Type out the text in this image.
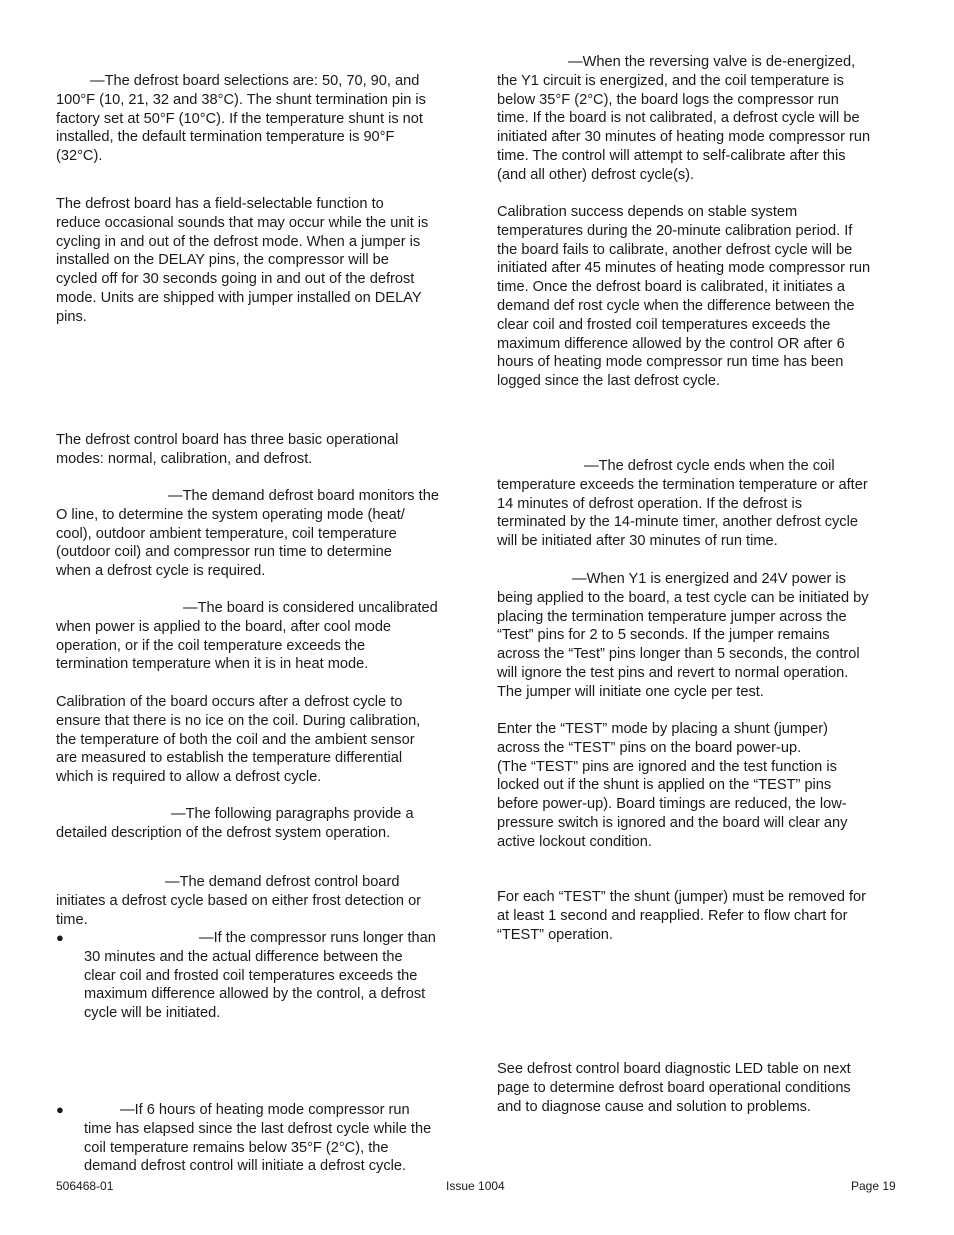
—The defrost board selections are: 50, 70, 90, and
100°F (10, 21, 32 and 38°C). The shunt termination pin is
factory set at 50°F (10°C). If the temperature shunt is not
installed, the default termination temperature is 90°F
(32°C).

The defrost board has a field-selectable function to
reduce occasional sounds that may occur while the unit is
cycling in and out of the defrost mode. When a jumper is
installed on the DELAY pins, the compressor will be
cycled off for 30 seconds going in and out of the defrost
mode. Units are shipped with jumper installed on DELAY
pins.

The defrost control board has three basic operational
modes: normal, calibration, and defrost.

—The demand defrost board monitors the
O line, to determine the system operating mode (heat/
cool), outdoor ambient temperature, coil temperature
(outdoor coil) and compressor run time to determine
when a defrost cycle is required.

—The board is considered uncalibrated
when power is applied to the board, after cool mode
operation, or if the coil temperature exceeds the
termination temperature when it is in heat mode.

Calibration of the board occurs after a defrost cycle to
ensure that there is no ice on the coil. During calibration,
the temperature of both the coil and the ambient sensor
are measured to establish the temperature differential
which is required to allow a defrost cycle.

—The following paragraphs provide a
detailed description of the defrost system operation.

—The demand defrost control board
initiates a defrost cycle based on either frost detection or
time.

●	—If the compressor runs longer than
30 minutes and the actual difference between the
clear coil and frosted coil temperatures exceeds the
maximum difference allowed by the control, a defrost
cycle will be initiated.

●	—If 6 hours of heating mode compressor run
time has elapsed since the last defrost cycle while the
coil temperature remains below 35°F (2°C), the
demand defrost control will initiate a defrost cycle.

—When the reversing valve is de-energized,
the Y1 circuit is energized, and the coil temperature is
below 35°F (2°C), the board logs the compressor run
time. If the board is not calibrated, a defrost cycle will be
initiated after 30 minutes of heating mode compressor run
time. The control will attempt to self-calibrate after this
(and all other) defrost cycle(s).

Calibration success depends on stable system
temperatures during the 20-minute calibration period. If
the board fails to calibrate, another defrost cycle will be
initiated after 45 minutes of heating mode compressor run
time. Once the defrost board is calibrated, it initiates a
demand def rost cycle when the difference between the
clear coil and frosted coil temperatures exceeds the
maximum difference allowed by the control OR after 6
hours of heating mode compressor run time has been
logged since the last defrost cycle.

—The defrost cycle ends when the coil
temperature exceeds the termination temperature or after
14 minutes of defrost operation. If the defrost is
terminated by the 14-minute timer, another defrost cycle
will be initiated after 30 minutes of run time.

—When Y1 is energized and 24V power is
being applied to the board, a test cycle can be initiated by
placing the termination temperature jumper across the
“Test” pins for 2 to 5 seconds. If the jumper remains
across the “Test” pins longer than 5 seconds, the control
will ignore the test pins and revert to normal operation.
The jumper will initiate one cycle per test.

Enter the “TEST” mode by placing a shunt (jumper)
across the “TEST” pins on the board power-up.
(The “TEST” pins are ignored and the test function is
locked out if the shunt is applied on the “TEST” pins
before power-up). Board timings are reduced, the low-
pressure switch is ignored and the board will clear any
active lockout condition.

For each “TEST” the shunt (jumper) must be removed for
at least 1 second and reapplied. Refer to flow chart for
“TEST” operation.

See defrost control board diagnostic LED table on next
page to determine defrost board operational conditions
and to diagnose cause and solution to problems.

506468-01	Issue 1004	Page 19
